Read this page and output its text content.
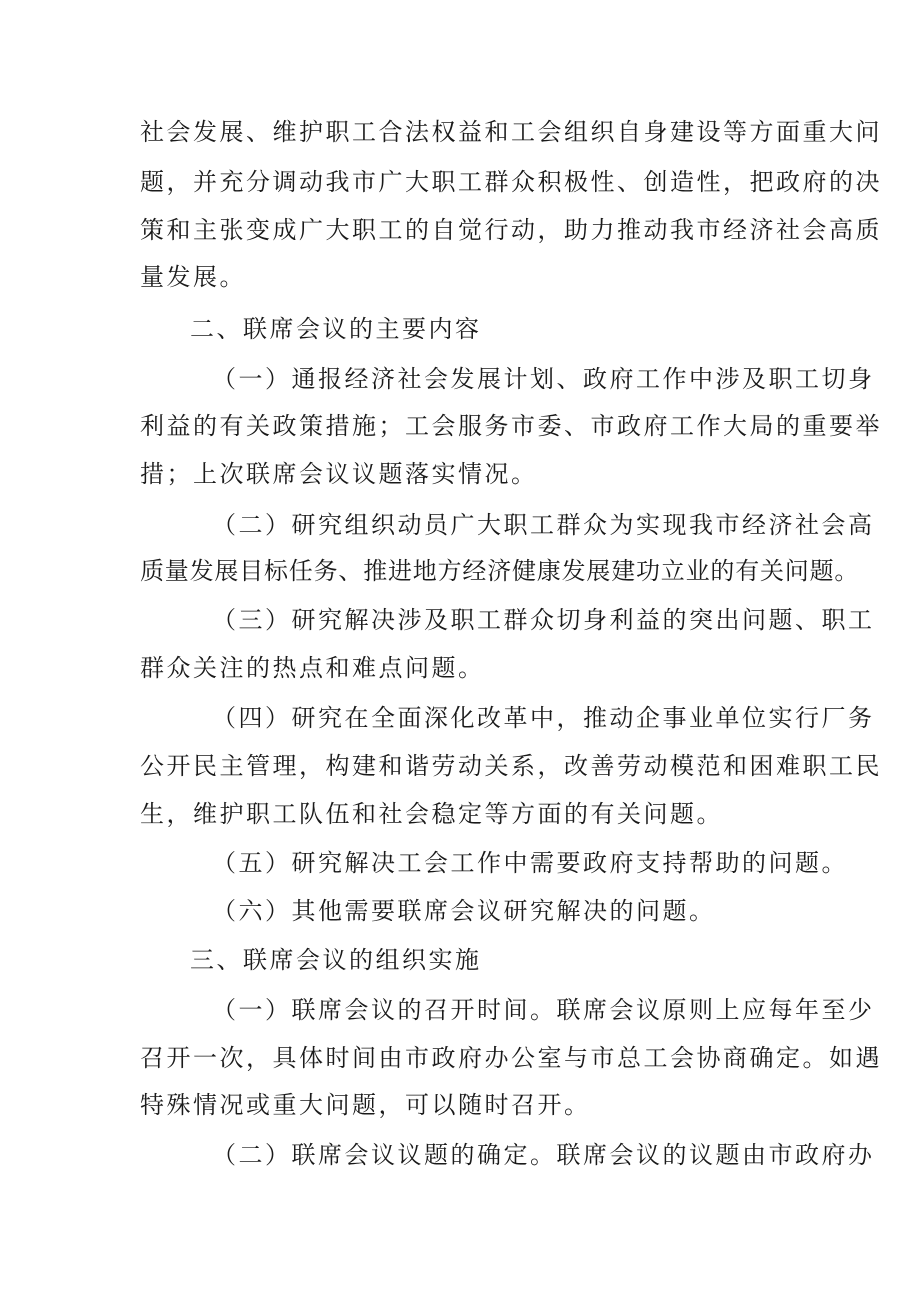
社会发展、维护职工合法权益和工会组织自身建设等方面重大问
题，并充分调动我市广大职工群众积极性、创造性，把政府的决
策和主张变成广大职工的自觉行动，助力推动我市经济社会高质
量发展。
二、联席会议的主要内容
（一）通报经济社会发展计划、政府工作中涉及职工切身
利益的有关政策措施；工会服务市委、市政府工作大局的重要举
措；上次联席会议议题落实情况。
（二）研究组织动员广大职工群众为实现我市经济社会高
质量发展目标任务、推进地方经济健康发展建功立业的有关问题。
（三）研究解决涉及职工群众切身利益的突出问题、职工
群众关注的热点和难点问题。
（四）研究在全面深化改革中，推动企事业单位实行厂务
公开民主管理，构建和谐劳动关系，改善劳动模范和困难职工民
生，维护职工队伍和社会稳定等方面的有关问题。
（五）研究解决工会工作中需要政府支持帮助的问题。
（六）其他需要联席会议研究解决的问题。
三、联席会议的组织实施
（一）联席会议的召开时间。联席会议原则上应每年至少
召开一次，具体时间由市政府办公室与市总工会协商确定。如遇
特殊情况或重大问题，可以随时召开。
（二）联席会议议题的确定。联席会议的议题由市政府办
